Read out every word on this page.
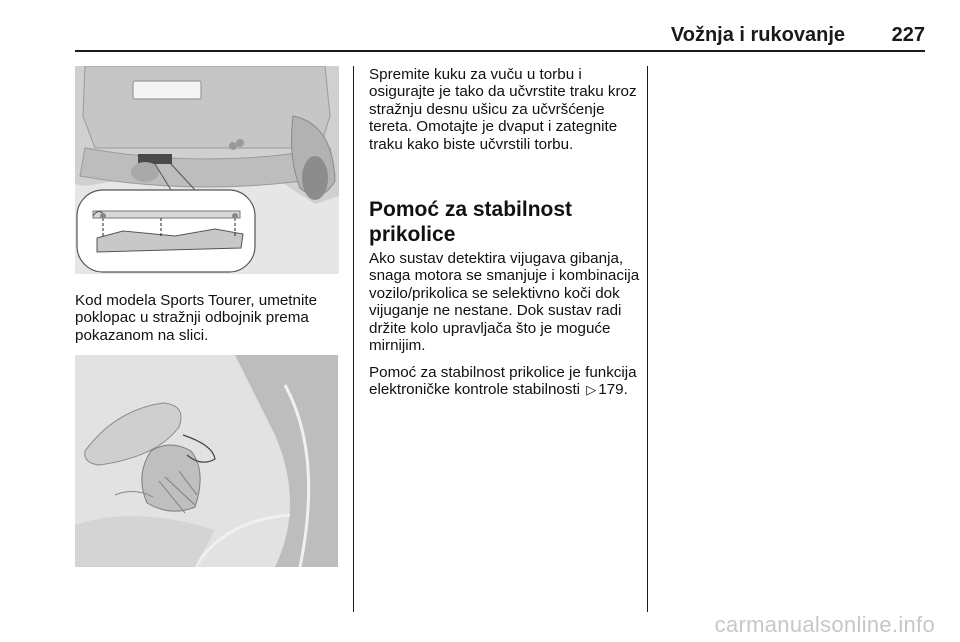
Vožnja i rukovanje	227

Kod modela Sports Tourer, umetnite poklopac u stražnji odbojnik prema pokazanom na slici.

Spremite kuku za vuču u torbu i osigurajte je tako da učvrstite traku kroz stražnju desnu ušicu za učvršćenje tereta. Omotajte je dvaput i zategnite traku kako biste učvrstili torbu.

Pomoć za stabilnost prikolice

Ako sustav detektira vijugava gibanja, snaga motora se smanjuje i kombinacija vozilo/prikolica se selektivno koči dok vijuganje ne nestane. Dok sustav radi držite kolo upravljača što je moguće mirnijim.

Pomoć za stabilnost prikolice je funkcija elektroničke kontrole stabilnosti ▷ 179.

carmanualsonline.info
